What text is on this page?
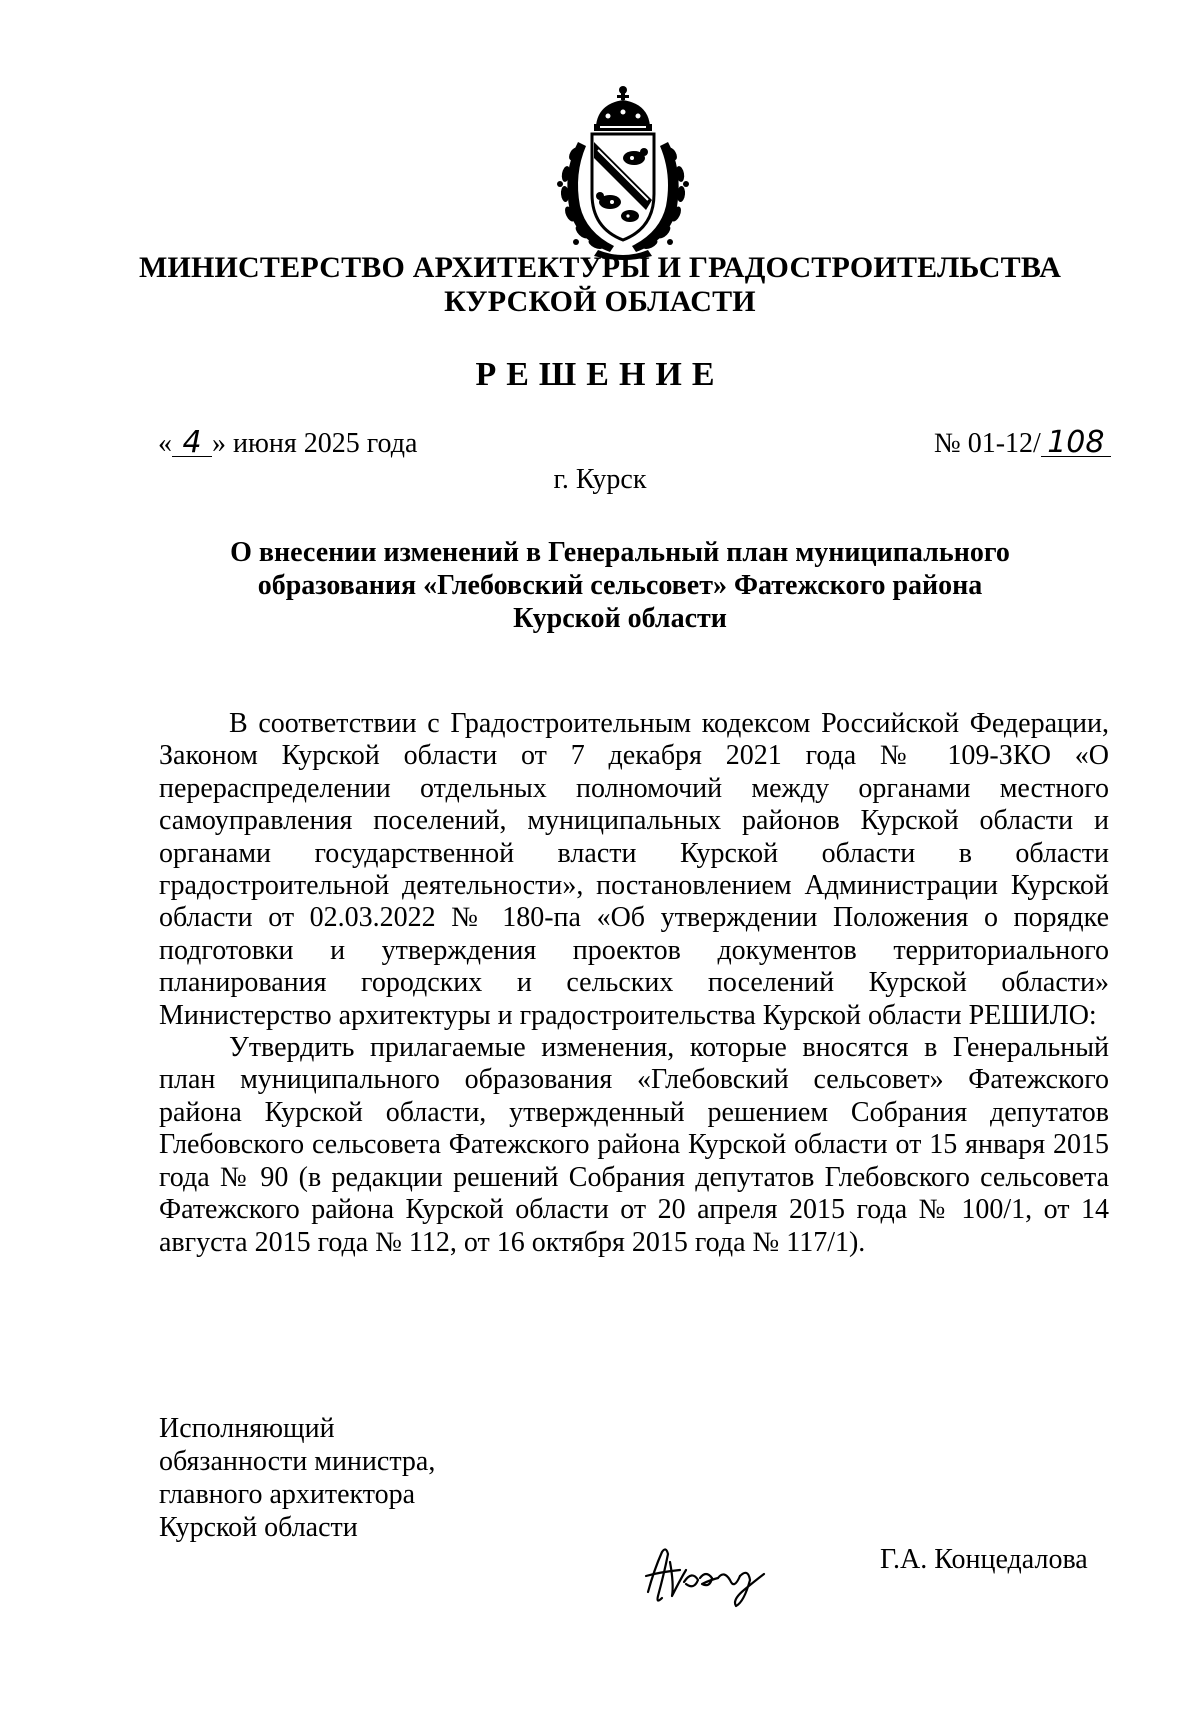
МИНИСТЕРСТВО АРХИТЕКТУРЫ И ГРАДОСТРОИТЕЛЬСТВА
КУРСКОЙ ОБЛАСТИ
РЕШЕНИЕ
« 4 » июня 2025 года	№ 01-12/ 108
г. Курск
О внесении изменений в Генеральный план муниципального
образования «Глебовский сельсовет» Фатежского района
Курской области

В соответствии с Градостроительным кодексом Российской Федерации, Законом Курской области от 7 декабря 2021 года № 109-ЗКО «О перераспределении отдельных полномочий между органами местного самоуправления поселений, муниципальных районов Курской области и органами государственной власти Курской области в области градостроительной деятельности», постановлением Администрации Курской области от 02.03.2022 № 180-па «Об утверждении Положения о порядке подготовки и утверждения проектов документов территориального планирования городских и сельских поселений Курской области» Министерство архитектуры и градостроительства Курской области РЕШИЛО:

Утвердить прилагаемые изменения, которые вносятся в Генеральный план муниципального образования «Глебовский сельсовет» Фатежского района Курской области, утвержденный решением Собрания депутатов Глебовского сельсовета Фатежского района Курской области от 15 января 2015 года № 90 (в редакции решений Собрания депутатов Глебовского сельсовета Фатежского района Курской области от 20 апреля 2015 года № 100/1, от 14 августа 2015 года № 112, от 16 октября 2015 года № 117/1).

Исполняющий
обязанности министра,
главного архитектора
Курской области
Г.А. Концедалова
